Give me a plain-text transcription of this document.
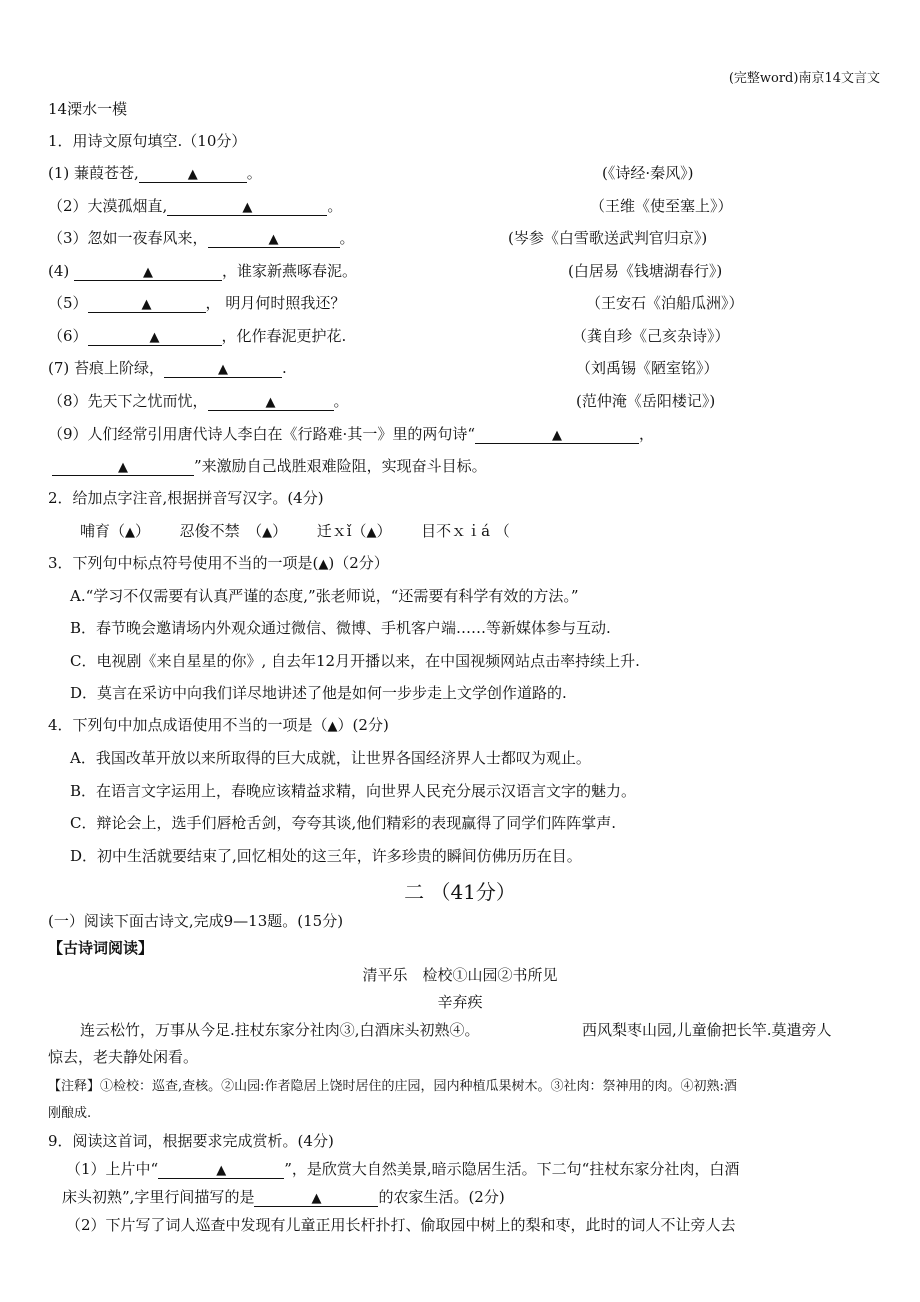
(完整word)南京14文言文
14溧水一模
1．用诗文原句填空.（10分）
(1) 蒹葭苍苍,	▲	。	(《诗经·秦风》)
（2）大漠孤烟直,	▲	。	（王维《使至塞上》）
（3）忽如一夜春风来，	▲	。	(岑参《白雪歌送武判官归京》)
(4)	▲	，谁家新燕啄春泥。	(白居易《钱塘湖春行》)
（5）	▲	， 明月何时照我还？	（王安石《泊船瓜洲》）
（6）	▲	，化作春泥更护花.	（龚自珍《己亥杂诗》）
(7) 苔痕上阶绿，	▲	.	（刘禹锡《陋室铭》）
（8）先天下之忧而忧，	▲	。	(范仲淹《岳阳楼记》)
（9）人们经常引用唐代诗人李白在《行路难·其一》里的两句诗“	▲	，
▲	”来激励自己战胜艰难险阻，实现奋斗目标。
2．给加点字注音,根据拼音写汉字。(4分)
哺育（▲） 忍俊不禁　（▲） 迁ｘǐ（▲） 目不ｘｉá （
3．下列句中标点符号使用不当的一项是(▲)（2分）
A.“学习不仅需要有认真严谨的态度,”张老师说，“还需要有科学有效的方法。”
B．春节晚会邀请场内外观众通过微信、微博、手机客户端……等新媒体参与互动.
C．电视剧《来自星星的你》, 自去年12月开播以来，在中国视频网站点击率持续上升.
D．莫言在采访中向我们详尽地讲述了他是如何一步步走上文学创作道路的.
4．下列句中加点成语使用不当的一项是（▲）(2分)
A．我国改革开放以来所取得的巨大成就，让世界各国经济界人士都叹为观止。
B．在语言文字运用上，春晚应该精益求精，向世界人民充分展示汉语言文字的魅力。
C．辩论会上，选手们唇枪舌剑，夸夸其谈,他们精彩的表现赢得了同学们阵阵掌声.
D．初中生活就要结束了,回忆相处的这三年，许多珍贵的瞬间仿佛历历在目。
二 （41分）
(一）阅读下面古诗文,完成9—13题。(15分)
【古诗词阅读】
清平乐　检校①山园②书所见
辛弃疾
连云松竹，万事从今足.拄杖东家分社肉③,白酒床头初熟④。	西风梨枣山园,儿童偷把长竿.莫遣旁人
惊去，老夫静处闲看。
【注释】①检校：巡查,查核。②山园:作者隐居上饶时居住的庄园，园内种植瓜果树木。③社肉：祭神用的肉。④初熟:酒
刚酿成.
9．阅读这首词，根据要求完成赏析。(4分)
（1）上片中“	▲	”，是欣赏大自然美景,暗示隐居生活。下二句“拄杖东家分社肉，白酒
床头初熟”,字里行间描写的是	▲	的农家生活。(2分)
（2）下片写了词人巡查中发现有儿童正用长杆扑打、偷取园中树上的梨和枣，此时的词人不让旁人去
